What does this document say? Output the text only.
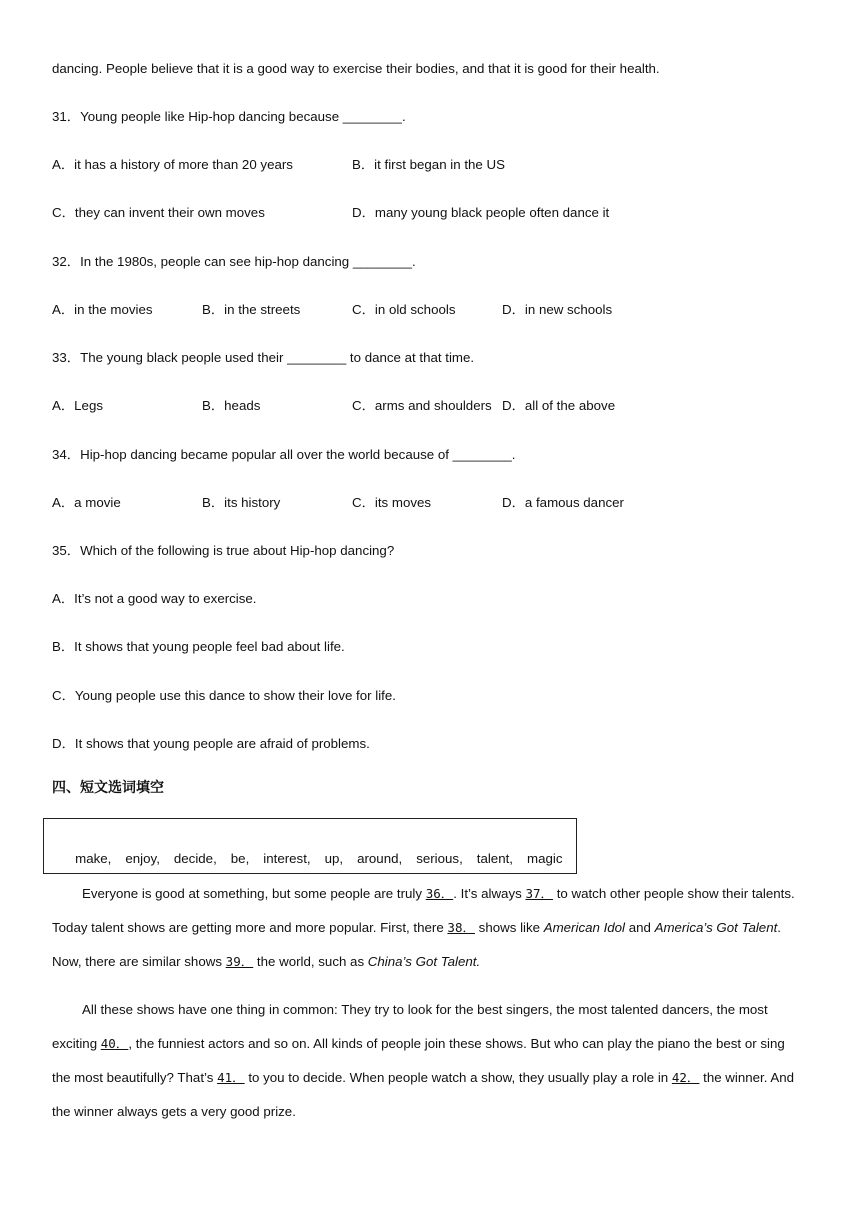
dancing. People believe that it is a good way to exercise their bodies, and that it is good for their health.
31．Young people like Hip-hop dancing because ________.
A．it has a history of more than 20 years	B．it first began in the US
C．they can invent their own moves	D．many young black people often dance it
32．In the 1980s, people can see hip-hop dancing ________.
A．in the movies	B．in the streets	C．in old schools	D．in new schools
33．The young black people used their ________ to dance at that time.
A．Legs	B．heads	C．arms and shoulders D．all of the above
34．Hip-hop dancing became popular all over the world because of ________.
A．a movie	B．its history	C．its moves	D．a famous dancer
35．Which of the following is true about Hip-hop dancing?
A．It’s not a good way to exercise.
B．It shows that young people feel bad about life.
C．Young people use this dance to show their love for life.
D．It shows that young people are afraid of problems.
四、短文选词填空

make, enjoy, decide, be, interest, up, around, serious, talent, magic

Everyone is good at something, but some people are truly 36．. It’s always 37． to watch other people show their talents. Today talent shows are getting more and more popular. First, there 38． shows like American Idol and America’s Got Talent. Now, there are similar shows 39． the world, such as China’s Got Talent.
All these shows have one thing in common: They try to look for the best singers, the most talented dancers, the most exciting 40．, the funniest actors and so on. All kinds of people join these shows. But who can play the piano the best or sing the most beautifully? That’s 41． to you to decide. When people watch a show, they usually play a role in 42． the winner. And the winner always gets a very good prize.
